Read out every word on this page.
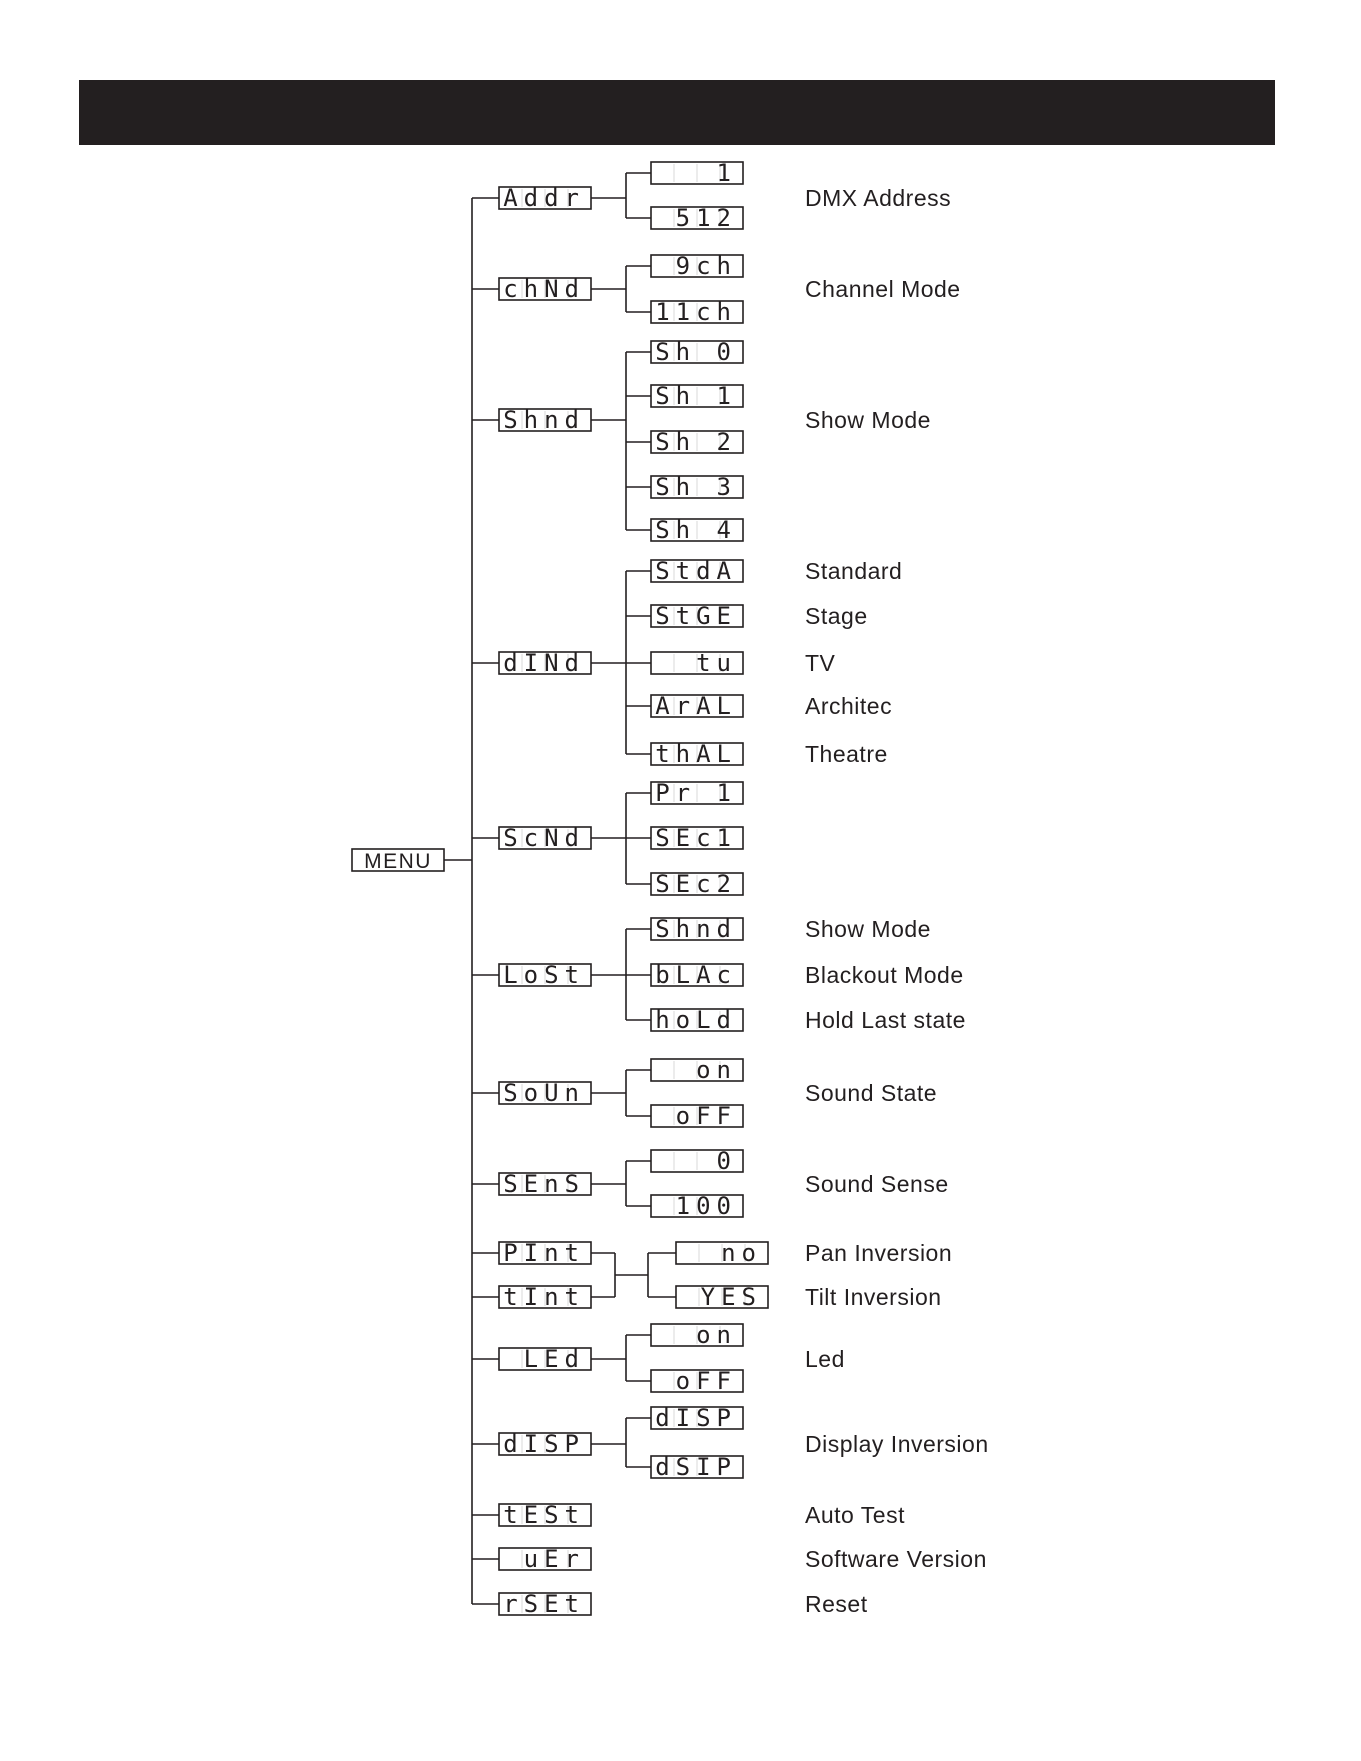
MENU
Addr
1
512
DMX Address
chNd
9ch
11ch
Channel Mode
Shnd
Sh 0
Sh 1
Sh 2
Sh 3
Sh 4
Show Mode
dINd
StdA	Standard
StGE	Stage
tu	TV
ArAL	Architec
thAL	Theatre
ScNd
Pr 1
SEc1
SEc2
LoSt
Shnd	Show Mode
bLAc	Blackout Mode
hoLd	Hold Last state
SoUn
on
oFF
Sound State
SEnS
0
100
Sound Sense
PInt	no Pan Inversion
tInt	YES Tilt Inversion
LEd
on
oFF
Led
dISP
dISP
dSIP
Display Inversion
tESt	Auto Test
uEr	Software Version
rSEt	Reset
